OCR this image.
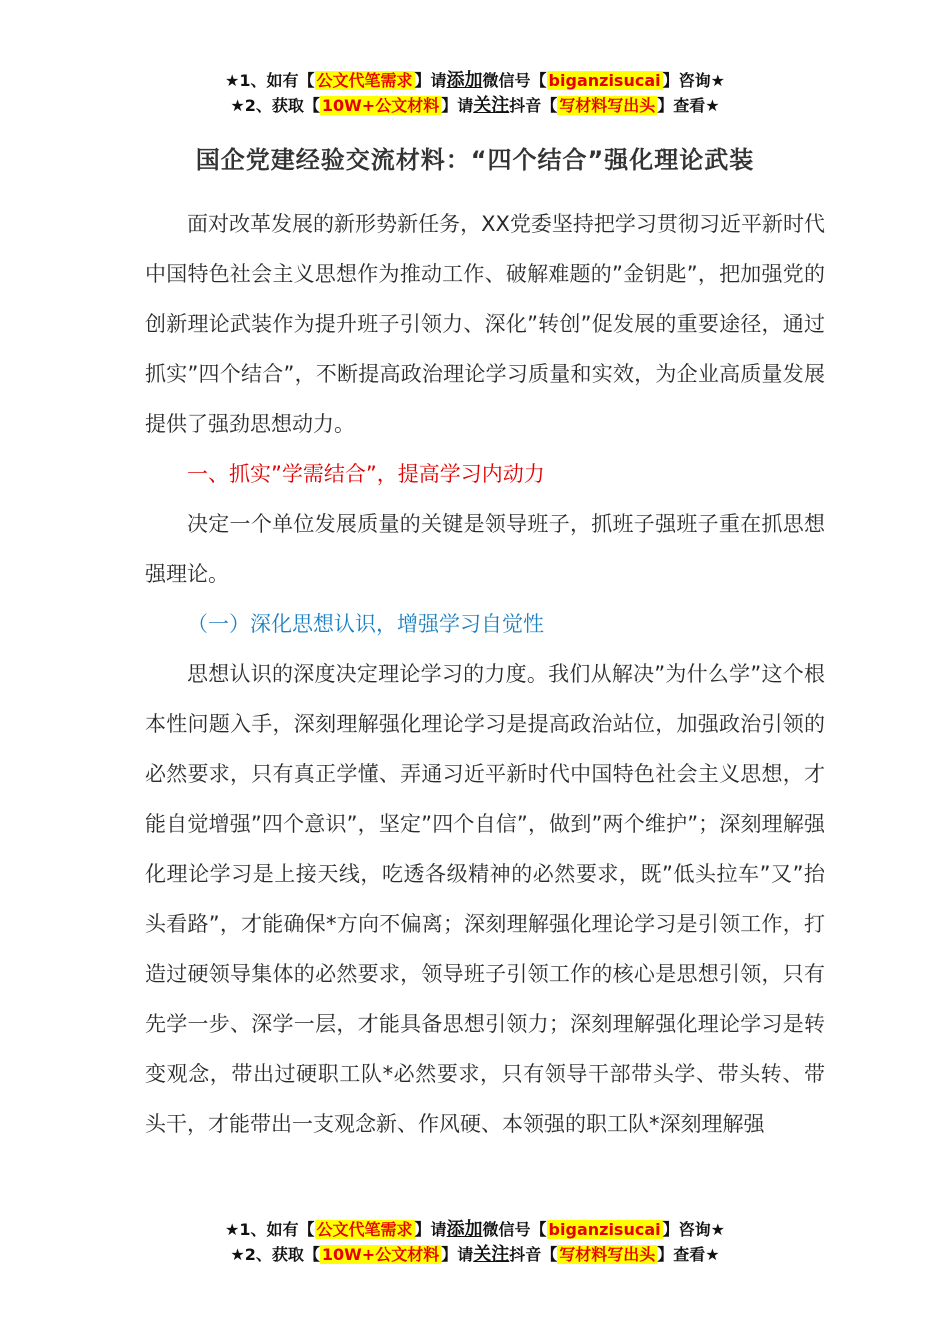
★1、如有【 公文代笔需求 】请添加微信号【 biganzisucai 】咨询★
★2、获取【 10W+公文材料 】请关注抖音【 写材料写出头 】查看★
国企党建经验交流材料：“四个结合”强化理论武装

面对改革发展的新形势新任务，XX党委坚持把学习贯彻习近平新时代中国特色社会主义思想作为推动工作、破解难题的”金钥匙”，把加强党的创新理论武装作为提升班子引领力、深化”转创”促发展的重要途径，通过抓实”四个结合”，不断提高政治理论学习质量和实效，为企业高质量发展提供了强劲思想动力。

一、抓实”学需结合”，提高学习内动力

决定一个单位发展质量的关键是领导班子，抓班子强班子重在抓思想强理论。

（一）深化思想认识，增强学习自觉性

思想认识的深度决定理论学习的力度。我们从解决”为什么学”这个根本性问题入手，深刻理解强化理论学习是提高政治站位，加强政治引领的必然要求，只有真正学懂、弄通习近平新时代中国特色社会主义思想，才能自觉增强”四个意识”，坚定”四个自信”，做到”两个维护”；深刻理解强化理论学习是上接天线，吃透各级精神的必然要求，既”低头拉车”又”抬头看路”，才能确保*方向不偏离；深刻理解强化理论学习是引领工作，打造过硬领导集体的必然要求，领导班子引领工作的核心是思想引领，只有先学一步、深学一层，才能具备思想引领力；深刻理解强化理论学习是转变观念，带出过硬职工队*必然要求，只有领导干部带头学、带头转、带头干，才能带出一支观念新、作风硬、本领强的职工队*深刻理解强

★1、如有【 公文代笔需求 】请添加微信号【 biganzisucai 】咨询★
★2、获取【 10W+公文材料 】请关注抖音【 写材料写出头 】查看★
